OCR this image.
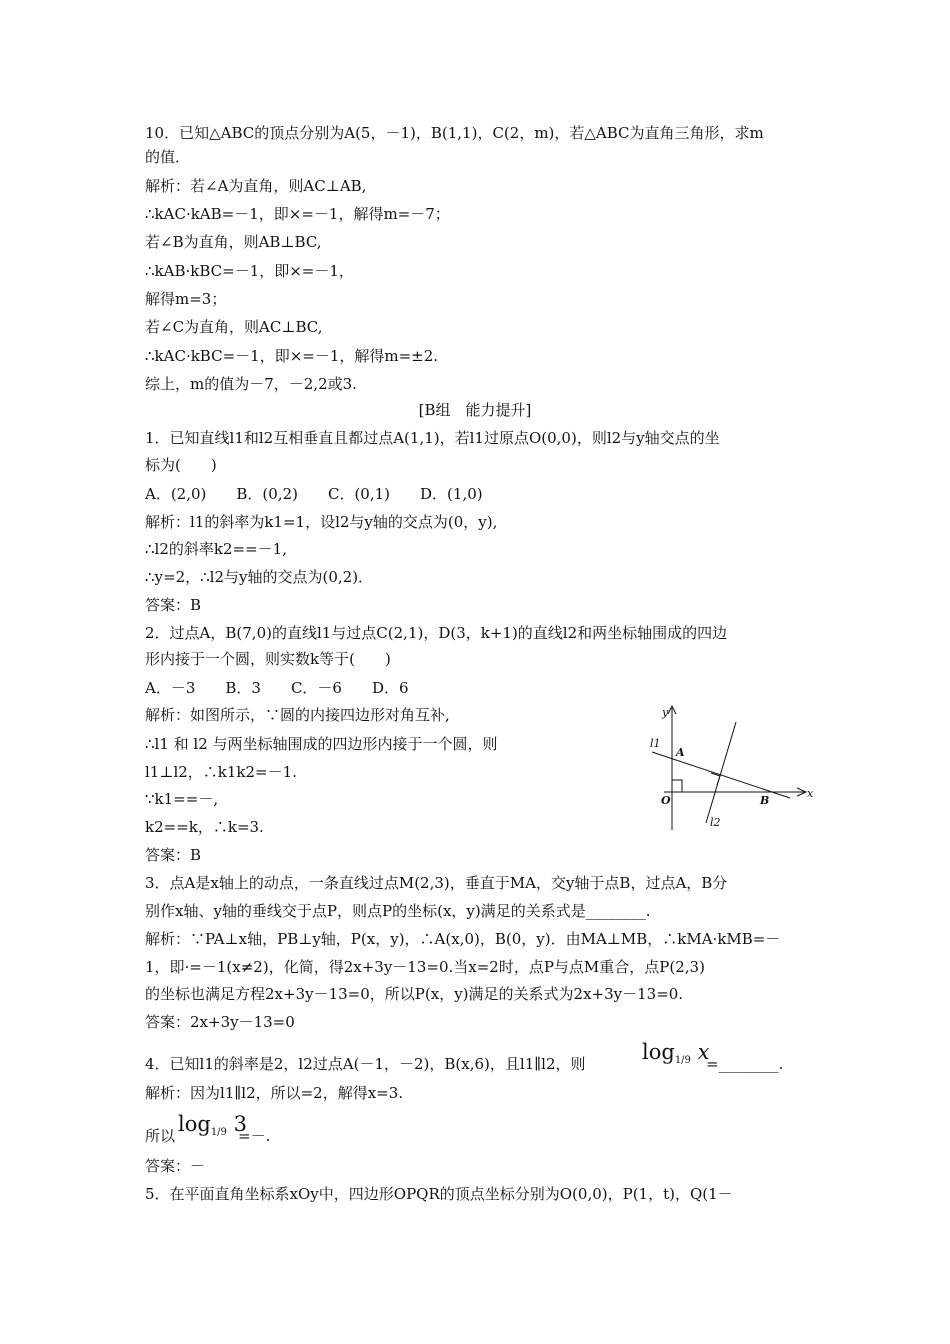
10．已知△ABC的顶点分别为A(5，－1)，B(1,1)，C(2，m)，若△ABC为直角三角形，求m
的值．
解析：若∠A为直角，则AC⊥AB,
∴kAC·kAB=－1，即×=－1，解得m=－7；
若∠B为直角，则AB⊥BC,
∴kAB·kBC=－1，即×=－1，
解得m=3；
若∠C为直角，则AC⊥BC,
∴kAC·kBC=－1，即×=－1，解得m=±2.
综上，m的值为－7，－2,2或3.
[B组　能力提升]
1．已知直线l1和l2互相垂直且都过点A(1,1)，若l1过原点O(0,0)，则l2与y轴交点的坐
标为(　　)
A．(2,0)　　B．(0,2)　　C．(0,1)　　D．(1,0)
解析：l1的斜率为k1=1，设l2与y轴的交点为(0，y),
∴l2的斜率k2==－1,
∴y=2，∴l2与y轴的交点为(0,2)．
答案：B
2．过点A，B(7,0)的直线l1与过点C(2,1)，D(3，k+1)的直线l2和两坐标轴围成的四边
形内接于一个圆，则实数k等于(　　)
A．－3　　B．3　　C．－6　　D．6
解析：如图所示，∵圆的内接四边形对角互补,
∴l1 和 l2 与两坐标轴围成的四边形内接于一个圆，则
l1⊥l2，∴k1k2=－1.
∵k1==－,
k2==k，∴k=3.
答案：B
y
x
l1
l2
A
O	B
3．点A是x轴上的动点，一条直线过点M(2,3)，垂直于MA，交y轴于点B，过点A，B分
别作x轴、y轴的垂线交于点P，则点P的坐标(x，y)满足的关系式是________.
解析：∵PA⊥x轴，PB⊥y轴，P(x，y)，∴A(x,0)，B(0，y)．由MA⊥MB，∴kMA·kMB=－
1，即·=－1(x≠2)，化简，得2x+3y－13=0.当x=2时，点P与点M重合，点P(2,3)
的坐标也满足方程2x+3y－13=0，所以P(x，y)满足的关系式为2x+3y－13=0.
答案：2x+3y－13=0
4．已知l1的斜率是2，l2过点A(－1，－2)，B(x,6)，且l1∥l2，则	$\log_{1/9} x$
=________.
解析：因为l1∥l2，所以=2，解得x=3.
所以 $\log_{1/9} 3$
=－.
答案：－
5．在平面直角坐标系xOy中，四边形OPQR的顶点坐标分别为O(0,0)，P(1，t)，Q(1－
